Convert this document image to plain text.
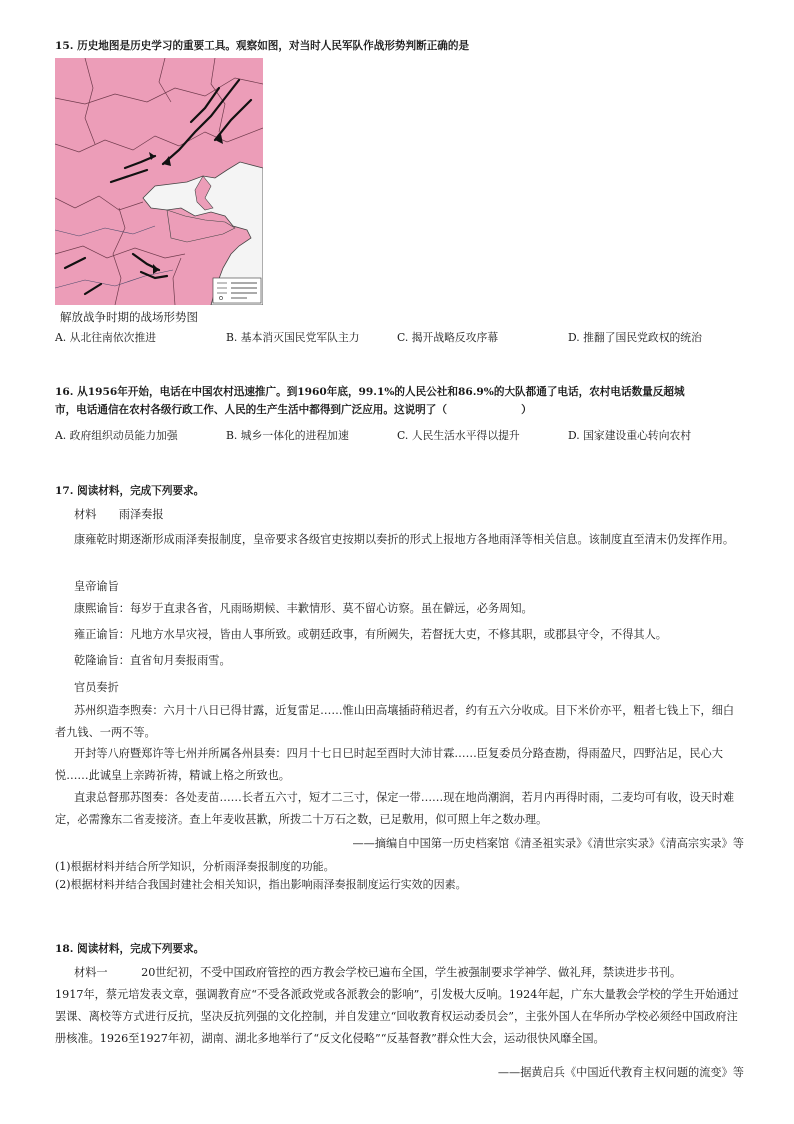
15. 历史地图是历史学习的重要工具。观察如图，对当时人民军队作战形势判断正确的是
解放战争时期的战场形势图
A. 从北往南依次推进	B. 基本消灭国民党军队主力	C. 揭开战略反攻序幕	D. 推翻了国民党政权的统治
16. 从1956年开始，电话在中国农村迅速推广。到1960年底，99.1%的人民公社和86.9%的大队都通了电话，农村电话数量反超城
市，电话通信在农村各级行政工作、人民的生产生活中都得到广泛应用。这说明了（　　　　　　　）
A. 政府组织动员能力加强	B. 城乡一体化的进程加速	C. 人民生活水平得以提升	D. 国家建设重心转向农村
17. 阅读材料，完成下列要求。
材料　　雨泽奏报
康雍乾时期逐渐形成雨泽奏报制度，皇帝要求各级官吏按期以奏折的形式上报地方各地雨泽等相关信息。该制度直至清末仍发挥作用。
皇帝谕旨
康熙谕旨：每岁于直隶各省，凡雨旸期候、丰歉情形、莫不留心访察。虽在僻远，必务周知。
雍正谕旨：凡地方水旱灾祲，皆由人事所致。或朝廷政事，有所阙失，若督抚大吏，不修其职，或郡县守令，不得其人。
乾隆谕旨：直省旬月奏报雨雪。
官员奏折
苏州织造李煦奏：六月十八日已得甘露，近复雷足……惟山田高壤插莳稍迟者，约有五六分收成。目下米价亦平，粗者七钱上下，细白者九钱、一两不等。
开封等八府暨郑许等七州并所属各州县奏：四月十七日巳时起至酉时大沛甘霖……臣复委员分路查勘，得雨盈尺，四野沾足，民心大悦……此诚皇上亲踌祈祷，精诚上格之所致也。
直隶总督那苏图奏：各处麦苗……长者五六寸，短才二三寸，保定一带……现在地尚潮润，若月内再得时雨，二麦均可有收，设天时难定，必需豫东二省麦接济。查上年麦收甚歉，所拨二十万石之数，已足敷用，似可照上年之数办理。
——摘编自中国第一历史档案馆《清圣祖实录》《清世宗实录》《清高宗实录》等
(1)根据材料并结合所学知识，分析雨泽奏报制度的功能。
(2)根据材料并结合我国封建社会相关知识，指出影响雨泽奏报制度运行实效的因素。
18. 阅读材料，完成下列要求。
材料一　　　20世纪初，不受中国政府管控的西方教会学校已遍布全国，学生被强制要求学神学、做礼拜，禁读进步书刊。
1917年，蔡元培发表文章，强调教育应“不受各派政党或各派教会的影响”，引发极大反响。1924年起，广东大量教会学校的学生开始通过罢课、离校等方式进行反抗，坚决反抗列强的文化控制，并自发建立“回收教育权运动委员会”，主张外国人在华所办学校必须经中国政府注册核准。1926至1927年初，湖南、湖北多地举行了“反文化侵略”“反基督教”群众性大会，运动很快风靡全国。
——据黄启兵《中国近代教育主权问题的流变》等
